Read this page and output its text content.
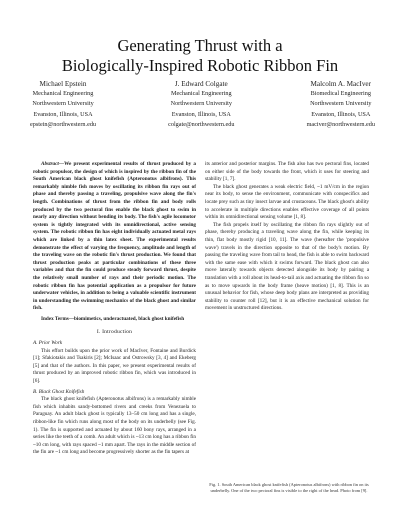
Generating Thrust with a
Biologically-Inspired Robotic Ribbon Fin
Michael Epstein
Mechanical Engineering
Northwestern University
Evanston, Illinois, USA
epstein@northwestern.edu
J. Edward Colgate
Mechanical Engineering
Northwestern University
Evanston, Illinois, USA
colgate@northwestern.edu
Malcolm A. MacIver
Biomedical Engineering
Northwestern University
Evanston, Illinois, USA
maciver@northwestern.edu

Abstract—We present experimental results of thrust produced by a robotic propulsor, the design of which is inspired by the ribbon fin of the South American black ghost knifefish (Apteronotus albifrons). This remarkably nimble fish moves by oscillating its ribbon fin rays out of phase and thereby passing a traveling, propulsive wave along the fin's length. Combinations of thrust from the ribbon fin and body rolls produced by the two pectoral fins enable the black ghost to swim in nearly any direction without bending its body. The fish's agile locomotor system is tightly integrated with its omnidirectional, active sensing system. The robotic ribbon fin has eight individually actuated metal rays which are linked by a thin latex sheet. The experimental results demonstrate the effect of varying the frequency, amplitude and length of the traveling wave on the robotic fin's thrust production. We found that thrust production peaks at particular combinations of these three variables and that the fin could produce steady forward thrust, despite the relatively small number of rays and their periodic motion. The robotic ribbon fin has potential application as a propulsor for future underwater vehicles, in addition to being a valuable scientific instrument in understanding the swimming mechanics of the black ghost and similar fish.

Index Terms—biomimetics, underactuated, black ghost knifefish

I. Introduction

A. Prior Work

This effort builds upon the prior work of MacIver, Fontaine and Burdick [1]; Sfakiotakis and Tsakiris [2]; McIsaac and Ostrowsky [3, 4] and Ekeberg [5] and that of the authors. In this paper, we present experimental results of thrust produced by an improved robotic ribbon fin, which was introduced in [6].

B. Black Ghost Knifefish

The black ghost knifefish (Apteronotus albifrons) is a remarkably nimble fish which inhabits sandy-bottomed rivers and creeks from Venezuela to Paraguay. An adult black ghost is typically 13–50 cm long and has a single, ribbon-like fin which runs along most of the body on its underbelly (see Fig. 1). The fin is supported and actuated by about 160 bony rays, arranged in a series like the teeth of a comb. An adult which is ~13 cm long has a ribbon fin ~10 cm long, with rays spaced ~1 mm apart. The rays in the middle section of the fin are ~1 cm long and become progressively shorter as the fin tapers at

its anterior and posterior margins. The fish also has two pectoral fins, located on either side of the body towards the front, which it uses for steering and stability [1, 7].

The black ghost generates a weak electric field, ~1 mV/cm in the region near its body, to sense the environment, communicate with conspecifics and locate prey such as tiny insect larvae and crustaceans. The black ghost's ability to accelerate in multiple directions enables effective coverage of all points within its omnidirectional sensing volume [1, 8].

The fish propels itself by oscillating the ribbon fin rays slightly out of phase, thereby producing a traveling wave along the fin, while keeping its thin, flat body mostly rigid [10, 11]. The wave (hereafter the 'propulsive wave') travels in the direction opposite to that of the body's motion. By passing the traveling wave from tail to head, the fish is able to swim backward with the same ease with which it swims forward. The black ghost can also move laterally towards objects detected alongside its body by pairing a translation with a roll about its head-to-tail axis and actuating the ribbon fin so as to move upwards in the body frame (heave motion) [1, 8]. This is an unusual behavior for fish, whose deep body plans are interpreted as providing stability to counter roll [12], but it is an effective mechanical solution for movement in unstructured directions.

Fig. 1. South American black ghost knifefish (Apteronotus albifrons) with ribbon fin on its underbelly. One of the two pectoral fins is visible to the right of the head. Photo from [9].
